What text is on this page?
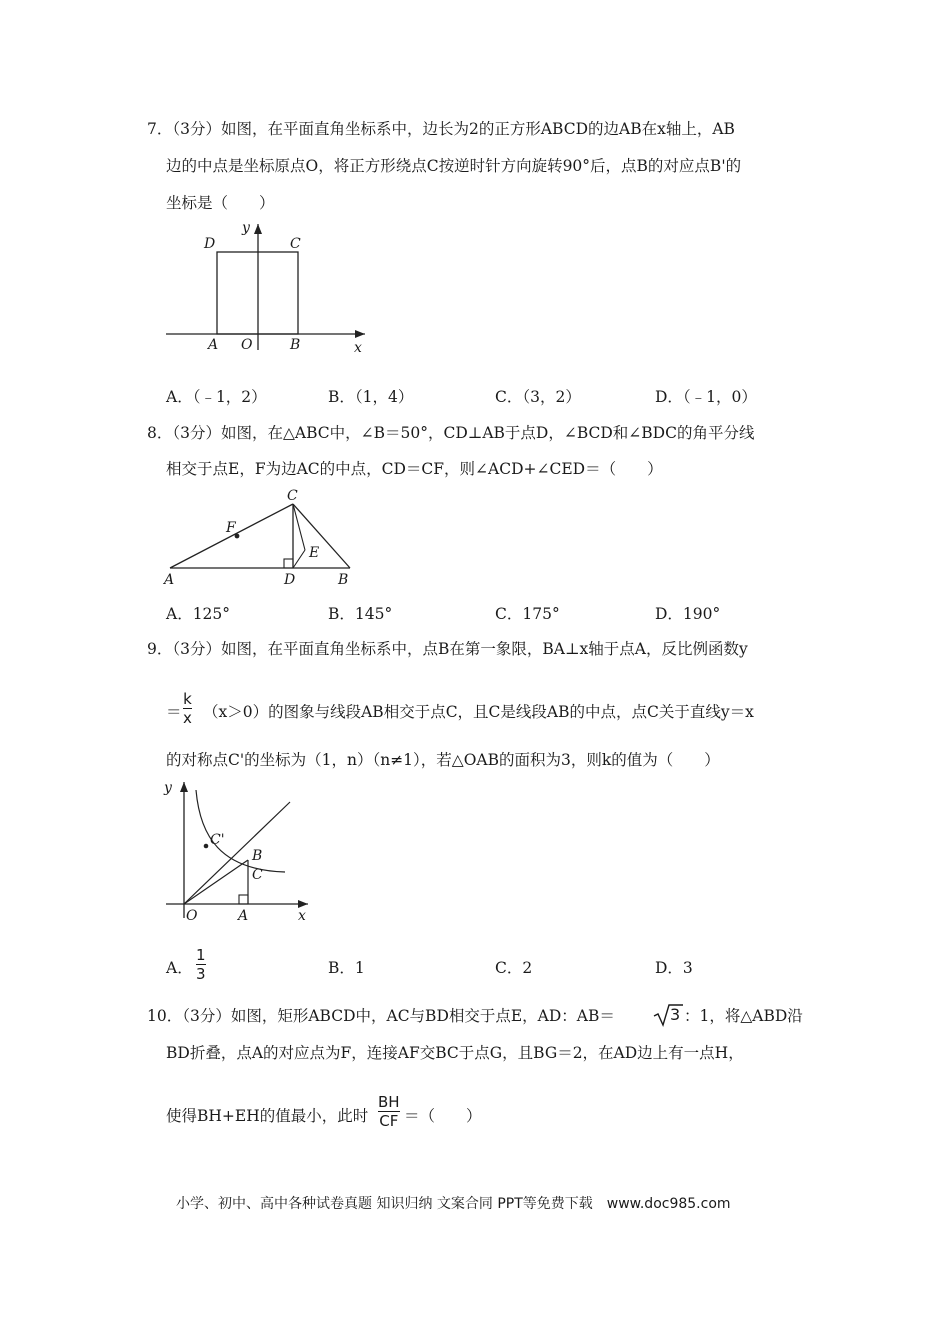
7．（3分）如图，在平面直角坐标系中，边长为2的正方形ABCD的边AB在x轴上，AB
边的中点是坐标原点O，将正方形绕点C按逆时针方向旋转90°后，点B的对应点B'的
坐标是（　　）
D	C
A O	B	x
y
A．（﹣1，2）	B．（1，4）	C．（3，2）	D．（﹣1，0）
8．（3分）如图，在△ABC中，∠B＝50°，CD⊥AB于点D，∠BCD和∠BDC的角平分线
相交于点E，F为边AC的中点，CD＝CF，则∠ACD+∠CED＝（　　）
C
F
E
A	D	B
A．125°	B．145°	C．175°	D．190°
9．（3分）如图，在平面直角坐标系中，点B在第一象限，BA⊥x轴于点A，反比例函数y
＝
k
x （x＞0）的图象与线段AB相交于点C，且C是线段AB的中点，点C关于直线y＝x
的对称点C'的坐标为（1，n）（n≠1），若△OAB的面积为3，则k的值为（　　）
y
C'
B
C
O	A	x
A．
1
3	B．1	C．2	D．3
10．（3分）如图，矩形ABCD中，AC与BD相交于点E，AD：AB＝	3 ：1，将△ABD沿
BD折叠，点A的对应点为F，连接AF交BC于点G，且BG＝2，在AD边上有一点H，
使得BH+EH的值最小，此时
BH
CF ＝（　　）
小学、初中、高中各种试卷真题 知识归纳 文案合同 PPT等免费下载　www.doc985.com
